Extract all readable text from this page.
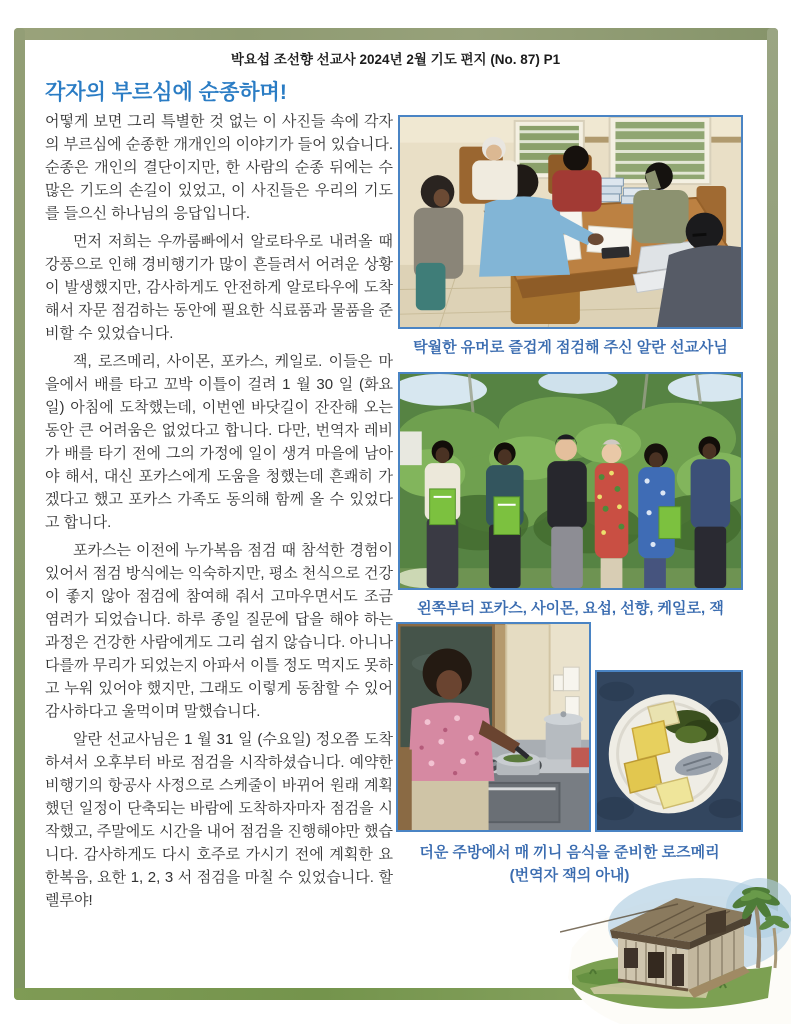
박요섭 조선향 선교사 2024년 2월 기도 편지 (No. 87) P1
각자의 부르심에 순종하며!

어떻게 보면 그리 특별한 것 없는 이 사진들 속에 각자의 부르심에 순종한 개개인의 이야기가 들어 있습니다. 순종은 개인의 결단이지만, 한 사람의 순종 뒤에는 수많은 기도의 손길이 있었고, 이 사진들은 우리의 기도를 들으신 하나님의 응답입니다.

먼저 저희는 우까룸빠에서 알로타우로 내려올 때 강풍으로 인해 경비행기가 많이 흔들려서 어려운 상황이 발생했지만, 감사하게도 안전하게 알로타우에 도착해서 자문 점검하는 동안에 필요한 식료품과 물품을 준비할 수 있었습니다.

잭, 로즈메리, 사이몬, 포카스, 케일로. 이들은 마을에서 배를 타고 꼬박 이틀이 걸려 1 월 30 일 (화요일) 아침에 도착했는데, 이번엔 바닷길이 잔잔해 오는 동안 큰 어려움은 없었다고 합니다. 다만, 번역자 레비가 배를 타기 전에 그의 가정에 일이 생겨 마을에 남아야 해서, 대신 포카스에게 도움을 청했는데 흔쾌히 가겠다고 했고 포카스 가족도 동의해 함께 올 수 있었다고 합니다.

포카스는 이전에 누가복음 점검 때 참석한 경험이 있어서 점검 방식에는 익숙하지만, 평소 천식으로 건강이 좋지 않아 점검에 참여해 줘서 고마우면서도 조금 염려가 되었습니다. 하루 종일 질문에 답을 해야 하는 과정은 건강한 사람에게도 그리 쉽지 않습니다. 아니나 다를까 무리가 되었는지 아파서 이틀 정도 먹지도 못하고 누워 있어야 했지만, 그래도 이렇게 동참할 수 있어 감사하다고 울먹이며 말했습니다.

알란 선교사님은 1 월 31 일 (수요일) 정오쯤 도착하셔서 오후부터 바로 점검을 시작하셨습니다. 예약한 비행기의 항공사 사정으로 스케줄이 바뀌어 원래 계획했던 일정이 단축되는 바람에 도착하자마자 점검을 시작했고, 주말에도 시간을 내어 점검을 진행해야만 했습니다. 감사하게도 다시 호주로 가시기 전에 계획한 요한복음, 요한 1, 2, 3 서 점검을 마칠 수 있었습니다. 할렐루야!

탁월한 유머로 즐겁게 점검해 주신 알란 선교사님
왼쪽부터 포카스, 사이몬, 요섭, 선향, 케일로, 잭
더운 주방에서 매 끼니 음식을 준비한 로즈메리
(번역자 잭의 아내)
